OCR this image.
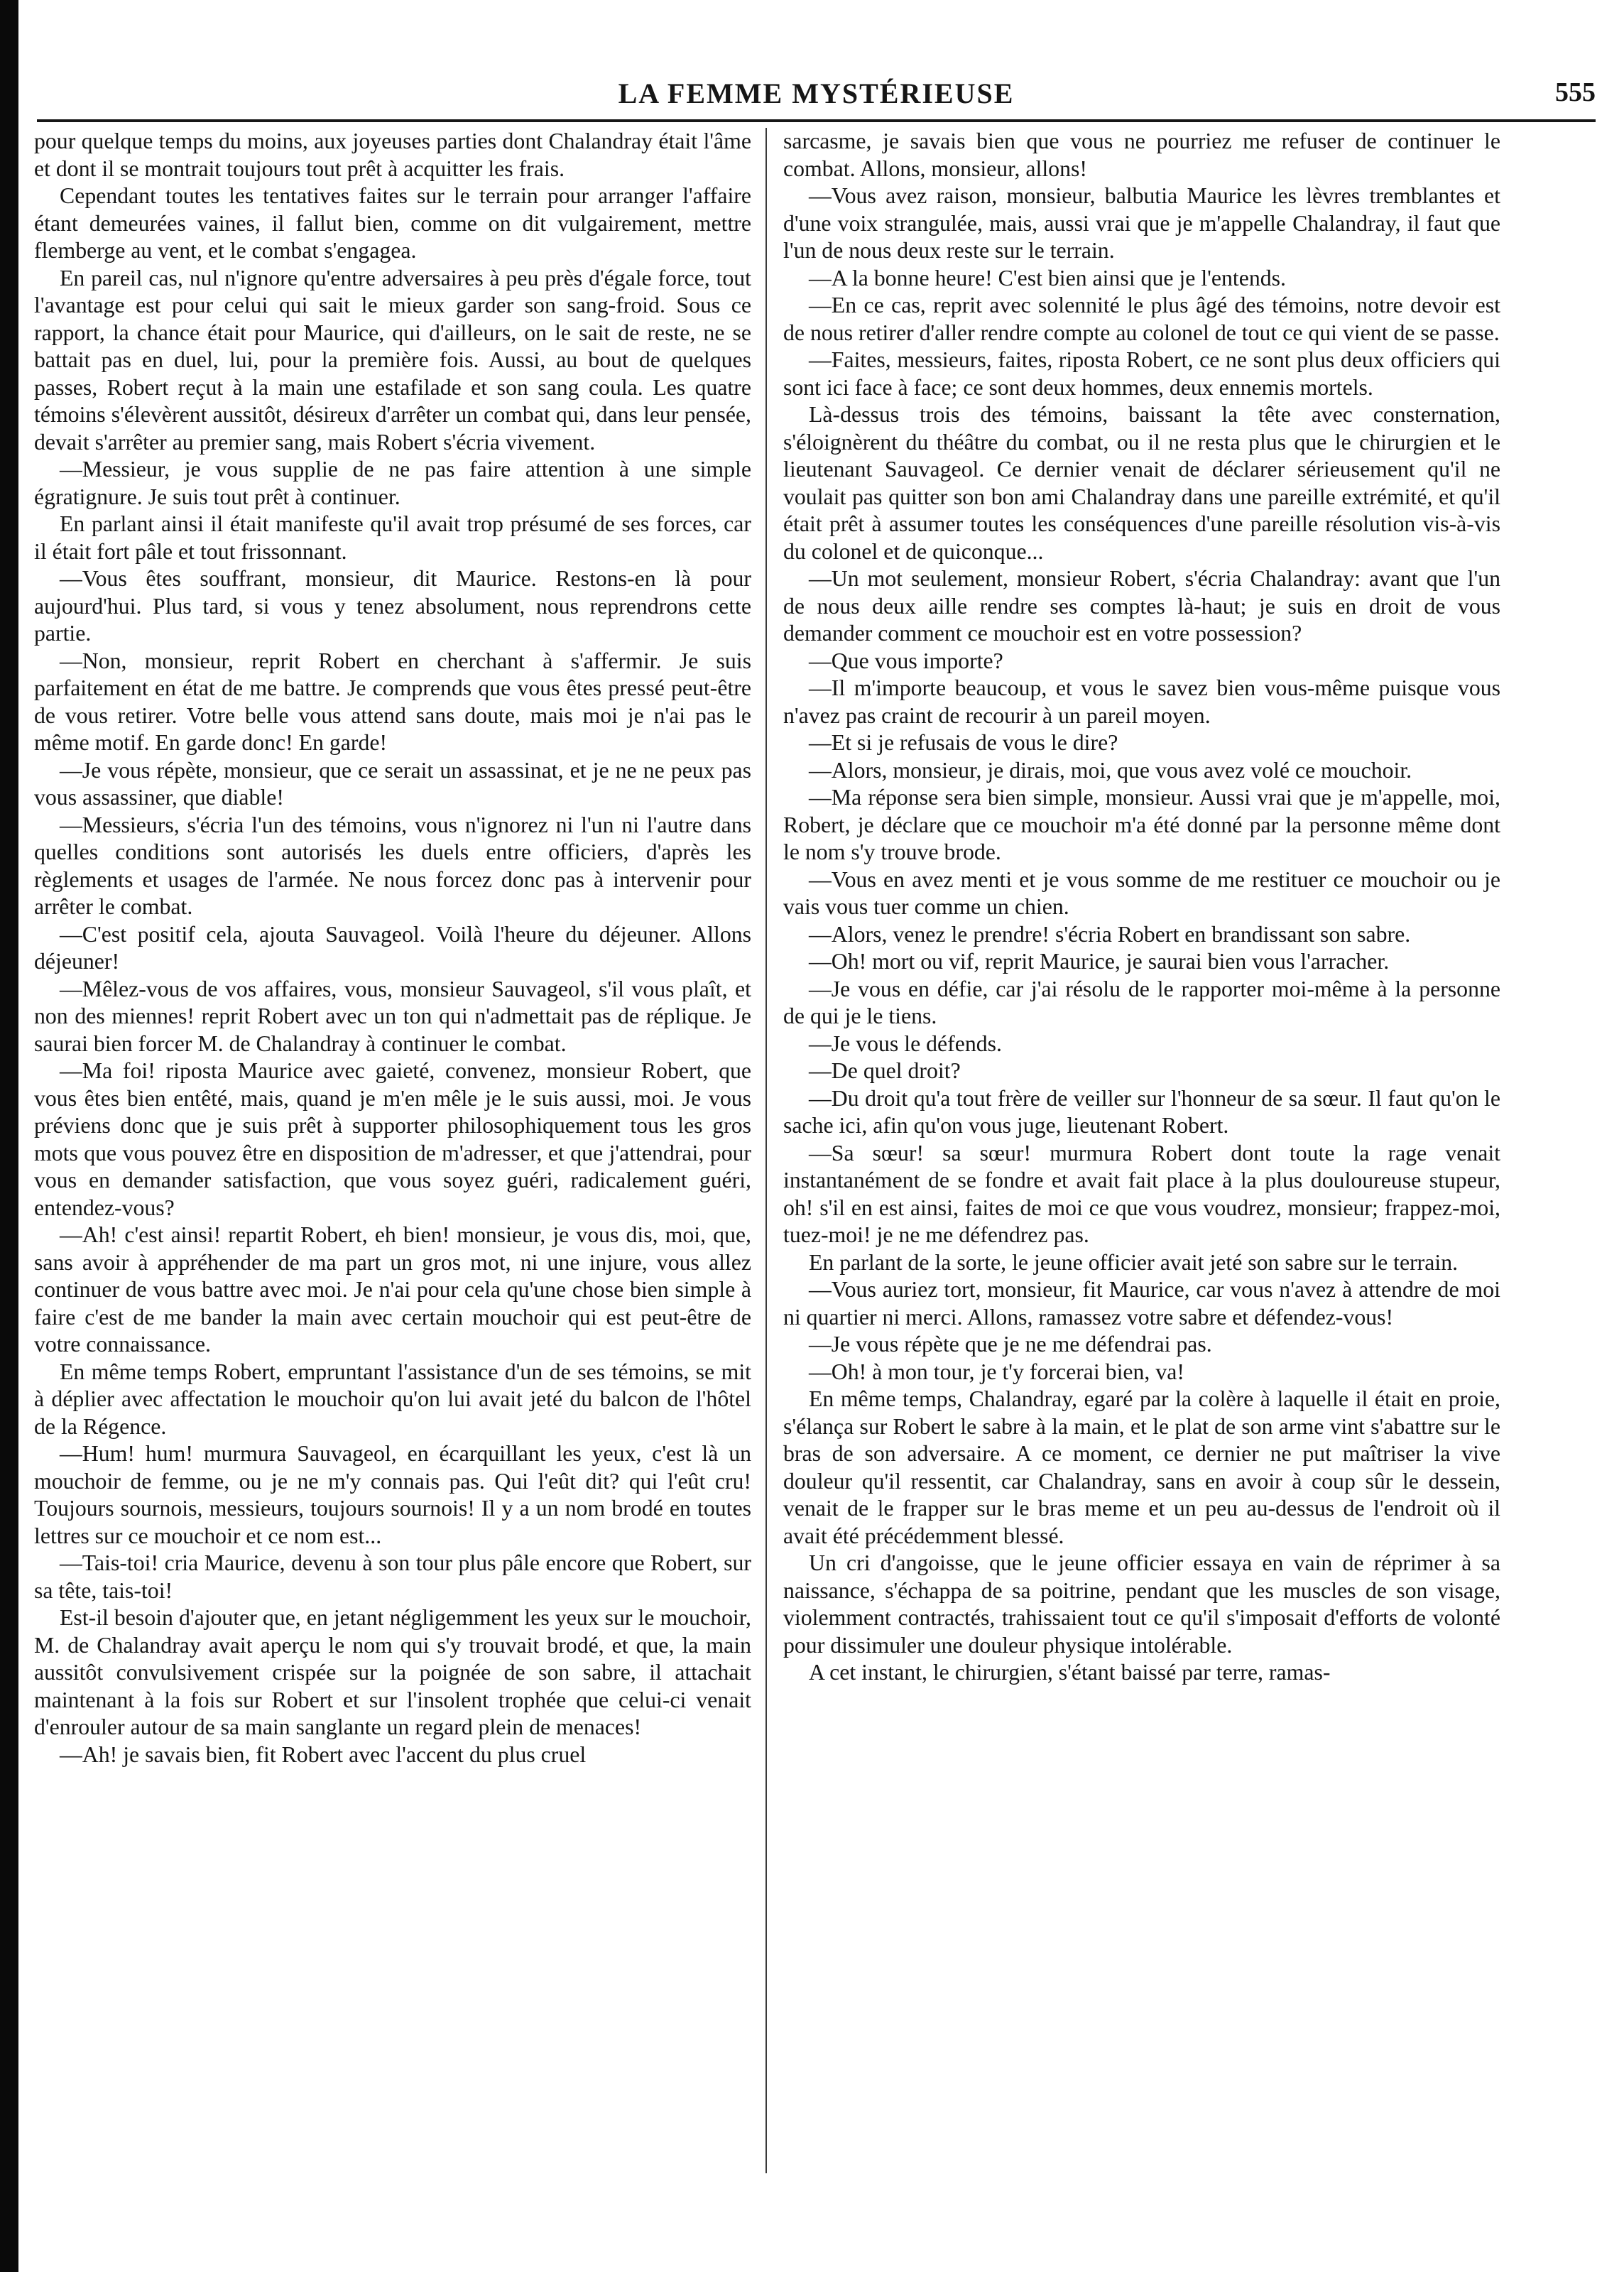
LA FEMME MYSTÉRIEUSE	555

pour quelque temps du moins, aux joyeuses parties dont Chalandray était l'âme et dont il se montrait toujours tout prêt à acquitter les frais.

Cependant toutes les tentatives faites sur le terrain pour arranger l'affaire étant demeurées vaines, il fallut bien, comme on dit vulgairement, mettre flemberge au vent, et le combat s'engagea.

En pareil cas, nul n'ignore qu'entre adversaires à peu près d'égale force, tout l'avantage est pour celui qui sait le mieux garder son sang-froid. Sous ce rapport, la chance était pour Maurice, qui d'ailleurs, on le sait de reste, ne se battait pas en duel, lui, pour la première fois. Aussi, au bout de quelques passes, Robert reçut à la main une estafilade et son sang coula. Les quatre témoins s'élevèrent aussitôt, désireux d'arrêter un combat qui, dans leur pensée, devait s'arrêter au premier sang, mais Robert s'écria vivement.

—Messieur, je vous supplie de ne pas faire attention à une simple égratignure. Je suis tout prêt à continuer.

En parlant ainsi il était manifeste qu'il avait trop présumé de ses forces, car il était fort pâle et tout frissonnant.

—Vous êtes souffrant, monsieur, dit Maurice. Restons-en là pour aujourd'hui. Plus tard, si vous y tenez absolument, nous reprendrons cette partie.

—Non, monsieur, reprit Robert en cherchant à s'affermir. Je suis parfaitement en état de me battre. Je comprends que vous êtes pressé peut-être de vous retirer. Votre belle vous attend sans doute, mais moi je n'ai pas le même motif. En garde donc! En garde!

—Je vous répète, monsieur, que ce serait un assassinat, et je ne ne peux pas vous assassiner, que diable!

—Messieurs, s'écria l'un des témoins, vous n'ignorez ni l'un ni l'autre dans quelles conditions sont autorisés les duels entre officiers, d'après les règlements et usages de l'armée. Ne nous forcez donc pas à intervenir pour arrêter le combat.

—C'est positif cela, ajouta Sauvageol. Voilà l'heure du déjeuner. Allons déjeuner!

—Mêlez-vous de vos affaires, vous, monsieur Sauvageol, s'il vous plaît, et non des miennes! reprit Robert avec un ton qui n'admettait pas de réplique. Je saurai bien forcer M. de Chalandray à continuer le combat.

—Ma foi! riposta Maurice avec gaieté, convenez, monsieur Robert, que vous êtes bien entêté, mais, quand je m'en mêle je le suis aussi, moi. Je vous préviens donc que je suis prêt à supporter philosophiquement tous les gros mots que vous pouvez être en disposition de m'adresser, et que j'attendrai, pour vous en demander satisfaction, que vous soyez guéri, radicalement guéri, entendez-vous?

—Ah! c'est ainsi! repartit Robert, eh bien! monsieur, je vous dis, moi, que, sans avoir à appréhender de ma part un gros mot, ni une injure, vous allez continuer de vous battre avec moi. Je n'ai pour cela qu'une chose bien simple à faire c'est de me bander la main avec certain mouchoir qui est peut-être de votre connaissance.

En même temps Robert, empruntant l'assistance d'un de ses témoins, se mit à déplier avec affectation le mouchoir qu'on lui avait jeté du balcon de l'hôtel de la Régence.

—Hum! hum! murmura Sauvageol, en écarquillant les yeux, c'est là un mouchoir de femme, ou je ne m'y connais pas. Qui l'eût dit? qui l'eût cru! Toujours sournois, messieurs, toujours sournois! Il y a un nom brodé en toutes lettres sur ce mouchoir et ce nom est...

—Tais-toi! cria Maurice, devenu à son tour plus pâle encore que Robert, sur sa tête, tais-toi!

Est-il besoin d'ajouter que, en jetant négligemment les yeux sur le mouchoir, M. de Chalandray avait aperçu le nom qui s'y trouvait brodé, et que, la main aussitôt convulsivement crispée sur la poignée de son sabre, il attachait maintenant à la fois sur Robert et sur l'insolent trophée que celui-ci venait d'enrouler autour de sa main sanglante un regard plein de menaces!

—Ah! je savais bien, fit Robert avec l'accent du plus cruel

sarcasme, je savais bien que vous ne pourriez me refuser de continuer le combat. Allons, monsieur, allons!

—Vous avez raison, monsieur, balbutia Maurice les lèvres tremblantes et d'une voix strangulée, mais, aussi vrai que je m'appelle Chalandray, il faut que l'un de nous deux reste sur le terrain.

—A la bonne heure! C'est bien ainsi que je l'entends.

—En ce cas, reprit avec solennité le plus âgé des témoins, notre devoir est de nous retirer d'aller rendre compte au colonel de tout ce qui vient de se passe.

—Faites, messieurs, faites, riposta Robert, ce ne sont plus deux officiers qui sont ici face à face; ce sont deux hommes, deux ennemis mortels.

Là-dessus trois des témoins, baissant la tête avec consternation, s'éloignèrent du théâtre du combat, ou il ne resta plus que le chirurgien et le lieutenant Sauvageol. Ce dernier venait de déclarer sérieusement qu'il ne voulait pas quitter son bon ami Chalandray dans une pareille extrémité, et qu'il était prêt à assumer toutes les conséquences d'une pareille résolution vis-à-vis du colonel et de quiconque...

—Un mot seulement, monsieur Robert, s'écria Chalandray: avant que l'un de nous deux aille rendre ses comptes là-haut; je suis en droit de vous demander comment ce mouchoir est en votre possession?

—Que vous importe?

—Il m'importe beaucoup, et vous le savez bien vous-même puisque vous n'avez pas craint de recourir à un pareil moyen.

—Et si je refusais de vous le dire?

—Alors, monsieur, je dirais, moi, que vous avez volé ce mouchoir.

—Ma réponse sera bien simple, monsieur. Aussi vrai que je m'appelle, moi, Robert, je déclare que ce mouchoir m'a été donné par la personne même dont le nom s'y trouve brode.

—Vous en avez menti et je vous somme de me restituer ce mouchoir ou je vais vous tuer comme un chien.

—Alors, venez le prendre! s'écria Robert en brandissant son sabre.

—Oh! mort ou vif, reprit Maurice, je saurai bien vous l'arracher.

—Je vous en défie, car j'ai résolu de le rapporter moi-même à la personne de qui je le tiens.

—Je vous le défends.

—De quel droit?

—Du droit qu'a tout frère de veiller sur l'honneur de sa sœur. Il faut qu'on le sache ici, afin qu'on vous juge, lieutenant Robert.

—Sa sœur! sa sœur! murmura Robert dont toute la rage venait instantanément de se fondre et avait fait place à la plus douloureuse stupeur, oh! s'il en est ainsi, faites de moi ce que vous voudrez, monsieur; frappez-moi, tuez-moi! je ne me défendrez pas.

En parlant de la sorte, le jeune officier avait jeté son sabre sur le terrain.

—Vous auriez tort, monsieur, fit Maurice, car vous n'avez à attendre de moi ni quartier ni merci. Allons, ramassez votre sabre et défendez-vous!

—Je vous répète que je ne me défendrai pas.

—Oh! à mon tour, je t'y forcerai bien, va!

En même temps, Chalandray, egaré par la colère à laquelle il était en proie, s'élança sur Robert le sabre à la main, et le plat de son arme vint s'abattre sur le bras de son adversaire. A ce moment, ce dernier ne put maîtriser la vive douleur qu'il ressentit, car Chalandray, sans en avoir à coup sûr le dessein, venait de le frapper sur le bras meme et un peu au-dessus de l'endroit où il avait été précédemment blessé.

Un cri d'angoisse, que le jeune officier essaya en vain de réprimer à sa naissance, s'échappa de sa poitrine, pendant que les muscles de son visage, violemment contractés, trahissaient tout ce qu'il s'imposait d'efforts de volonté pour dissimuler une douleur physique intolérable.

A cet instant, le chirurgien, s'étant baissé par terre, ramas-
